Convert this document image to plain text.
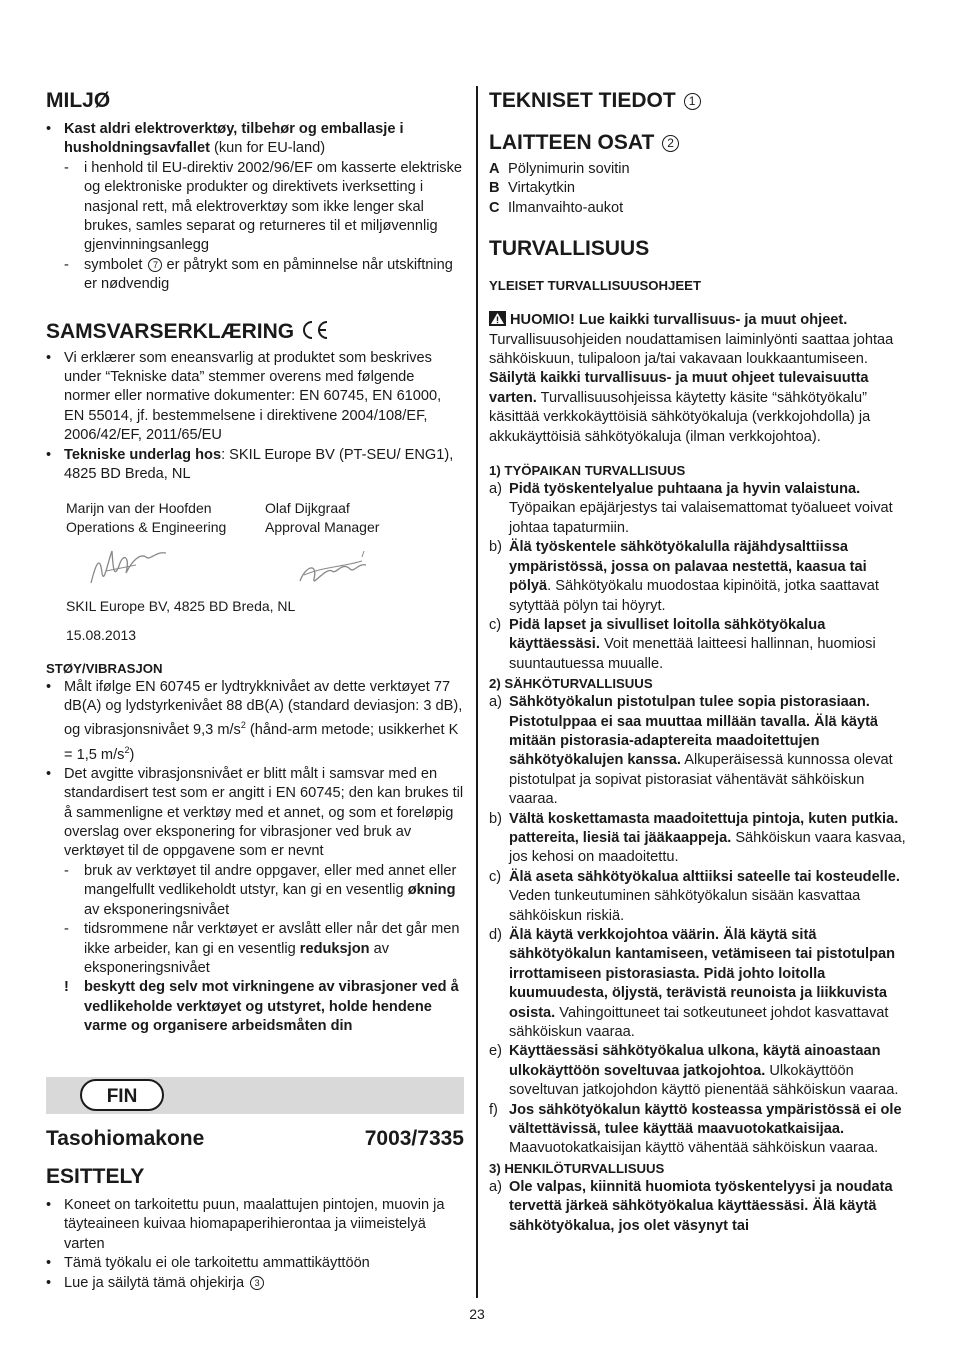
MILJØ
• Kast aldri elektroverktøy, tilbehør og emballasje i husholdningsavfallet (kun for EU-land)
- i henhold til EU-direktiv 2002/96/EF om kasserte elektriske og elektroniske produkter og direktivets iverksetting i nasjonal rett, må elektroverktøy som ikke lenger skal brukes, samles separat og returneres til et miljøvennlig gjenvinningsanlegg
- symbolet 7 er påtrykt som en påminnelse når utskiftning er nødvendig
SAMSVARSERKLÆRING
• Vi erklærer som eneansvarlig at produktet som beskrives under “Tekniske data” stemmer overens med følgende normer eller normative dokumenter: EN 60745, EN 61000, EN 55014, jf. bestemmelsene i direktivene 2004/108/EF, 2006/42/EF, 2011/65/EU
• Tekniske underlag hos: SKIL Europe BV (PT-SEU/ ENG1), 4825 BD Breda, NL
Marijn van der Hoofden
Operations & Engineering
Olaf Dijkgraaf
Approval Manager
SKIL Europe BV, 4825 BD Breda, NL
15.08.2013
STØY/VIBRASJON
• Målt ifølge EN 60745 er lydtrykknivået av dette verktøyet 77 dB(A) og lydstyrkenivået 88 dB(A) (standard deviasjon: 3 dB), og vibrasjonsnivået 9,3 $m/s^2$ (hånd-arm metode; usikkerhet K = 1,5 $m/s^2$)
• Det avgitte vibrasjonsnivået er blitt målt i samsvar med en standardisert test som er angitt i EN 60745; den kan brukes til å sammenligne et verktøy med et annet, og som et foreløpig overslag over eksponering for vibrasjoner ved bruk av verktøyet til de oppgavene som er nevnt
- bruk av verktøyet til andre oppgaver, eller med annet eller mangelfullt vedlikeholdt utstyr, kan gi en vesentlig økning av eksponeringsnivået
- tidsrommene når verktøyet er avslått eller når det går men ikke arbeider, kan gi en vesentlig reduksjon av eksponeringsnivået
! beskytt deg selv mot virkningene av vibrasjoner ved å vedlikeholde verktøyet og utstyret, holde hendene varme og organisere arbeidsmåten din
FIN
Tasohiomakone	7003/7335
ESITTELY
• Koneet on tarkoitettu puun, maalattujen pintojen, muovin ja täyteaineen kuivaa hiomapaperihierontaa ja viimeistelyä varten
• Tämä työkalu ei ole tarkoitettu ammattikäyttöön
• Lue ja säilytä tämä ohjekirja 3
TEKNISET TIEDOT 1
LAITTEEN OSAT 2
A Pölynimurin sovitin
B Virtakytkin
C Ilmanvaihto-aukot
TURVALLISUUS
YLEISET TURVALLISUUSOHJEET
HUOMIO! Lue kaikki turvallisuus- ja muut ohjeet. Turvallisuusohjeiden noudattamisen laiminlyönti saattaa johtaa sähköiskuun, tulipaloon ja/tai vakavaan loukkaantumiseen. Säilytä kaikki turvallisuus- ja muut ohjeet tulevaisuutta varten. Turvallisuusohjeissa käytetty käsite “sähkötyökalu” käsittää verkkokäyttöisiä sähkötyökaluja (verkkojohdolla) ja akkukäyttöisiä sähkötyökaluja (ilman verkkojohtoa).
1) TYÖPAIKAN TURVALLISUUS
a) Pidä työskentelyalue puhtaana ja hyvin valaistuna. Työpaikan epäjärjestys tai valaisemattomat työalueet voivat johtaa tapaturmiin.
b) Älä työskentele sähkötyökalulla räjähdysalttiissa ympäristössä, jossa on palavaa nestettä, kaasua tai pölyä. Sähkötyökalu muodostaa kipinöitä, jotka saattavat sytyttää pölyn tai höyryt.
c) Pidä lapset ja sivulliset loitolla sähkötyökalua käyttäessäsi. Voit menettää laitteesi hallinnan, huomiosi suuntautuessa muualle.
2) SÄHKÖTURVALLISUUS
a) Sähkötyökalun pistotulpan tulee sopia pistorasiaan. Pistotulppaa ei saa muuttaa millään tavalla. Älä käytä mitään pistorasia-adaptereita maadoitettujen sähkötyökalujen kanssa. Alkuperäisessä kunnossa olevat pistotulpat ja sopivat pistorasiat vähentävät sähköiskun vaaraa.
b) Vältä koskettamasta maadoitettuja pintoja, kuten putkia. pattereita, liesiä tai jääkaappeja. Sähköiskun vaara kasvaa, jos kehosi on maadoitettu.
c) Älä aseta sähkötyökalua alttiiksi sateelle tai kosteudelle. Veden tunkeutuminen sähkötyökalun sisään kasvattaa sähköiskun riskiä.
d) Älä käytä verkkojohtoa väärin. Älä käytä sitä sähkötyökalun kantamiseen, vetämiseen tai pistotulpan irrottamiseen pistorasiasta. Pidä johto loitolla kuumuudesta, öljystä, terävistä reunoista ja liikkuvista osista. Vahingoittuneet tai sotkeutuneet johdot kasvattavat sähköiskun vaaraa.
e) Käyttäessäsi sähkötyökalua ulkona, käytä ainoastaan ulkokäyttöön soveltuvaa jatkojohtoa. Ulkokäyttöön soveltuvan jatkojohdon käyttö pienentää sähköiskun vaaraa.
f) Jos sähkötyökalun käyttö kosteassa ympäristössä ei ole vältettävissä, tulee käyttää maavuotokatkaisijaa. Maavuotokatkaisijan käyttö vähentää sähköiskun vaaraa.
3) HENKILÖTURVALLISUUS
a) Ole valpas, kiinnitä huomiota työskentelyysi ja noudata tervettä järkeä sähkötyökalua käyttäessäsi. Älä käytä sähkötyökalua, jos olet väsynyt tai
23
